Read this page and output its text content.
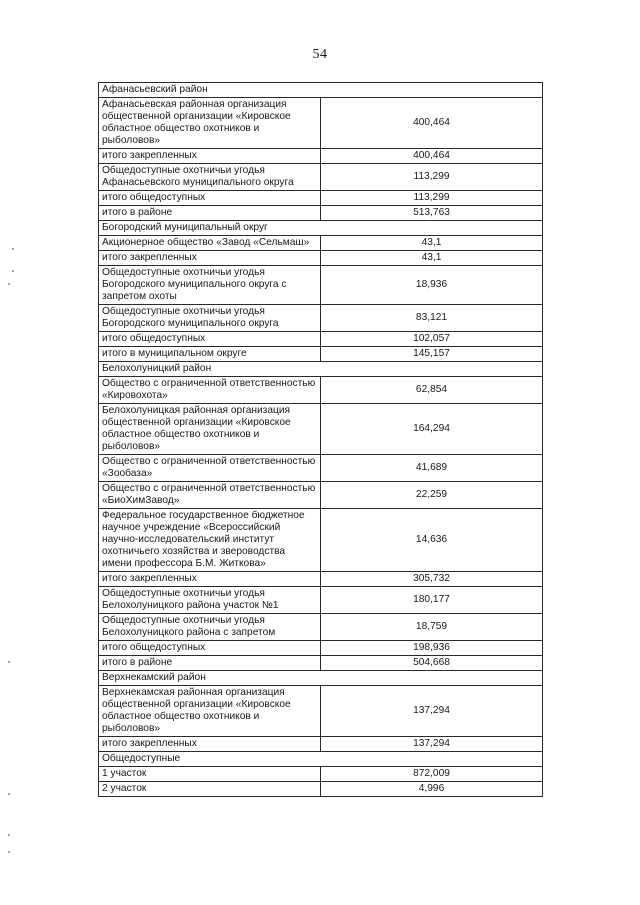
54
Афанасьевский район	
Афанасьевская районная организация общественной организации «Кировское областное общество охотников и рыболовов»	400,464
итого закрепленных	400,464
Общедоступные охотничьи угодья Афанасьевского муниципального округа	113,299
итого общедоступных	113,299
итого в районе	513,763
Богородский муниципальный округ	
Акционерное общество «Завод «Сельмаш»	43,1
итого закрепленных	43,1
Общедоступные охотничьи угодья Богородского муниципального округа с запретом охоты	18,936
Общедоступные охотничьи угодья Богородского муниципального округа	83,121
итого общедоступных	102,057
итого в муниципальном округе	145,157
Белохолуницкий район	
Общество с ограниченной ответственностью «Кировохота»	62,854
Белохолуницкая районная организация общественной организации «Кировское областное общество охотников и рыболовов»	164,294
Общество с ограниченной ответственностью «Зообаза»	41,689
Общество с ограниченной ответственностью «БиоХимЗавод»	22,259
Федеральное государственное бюджетное научное учреждение «Всероссийский научно-исследовательский институт охотничьего хозяйства и звероводства имени профессора Б.М. Житкова»	14,636
итого закрепленных	305,732
Общедоступные охотничьи угодья Белохолуницкого района участок №1	180,177
Общедоступные охотничьи угодья Белохолуницкого района с запретом	18,759
итого общедоступных	198,936
итого в районе	504,668
Верхнекамский район	
Верхнекамская районная организация общественной организации «Кировское областное общество охотников и рыболовов»	137,294
итого закрепленных	137,294
Общедоступные	
1 участок	872,009
2 участок	4,996
